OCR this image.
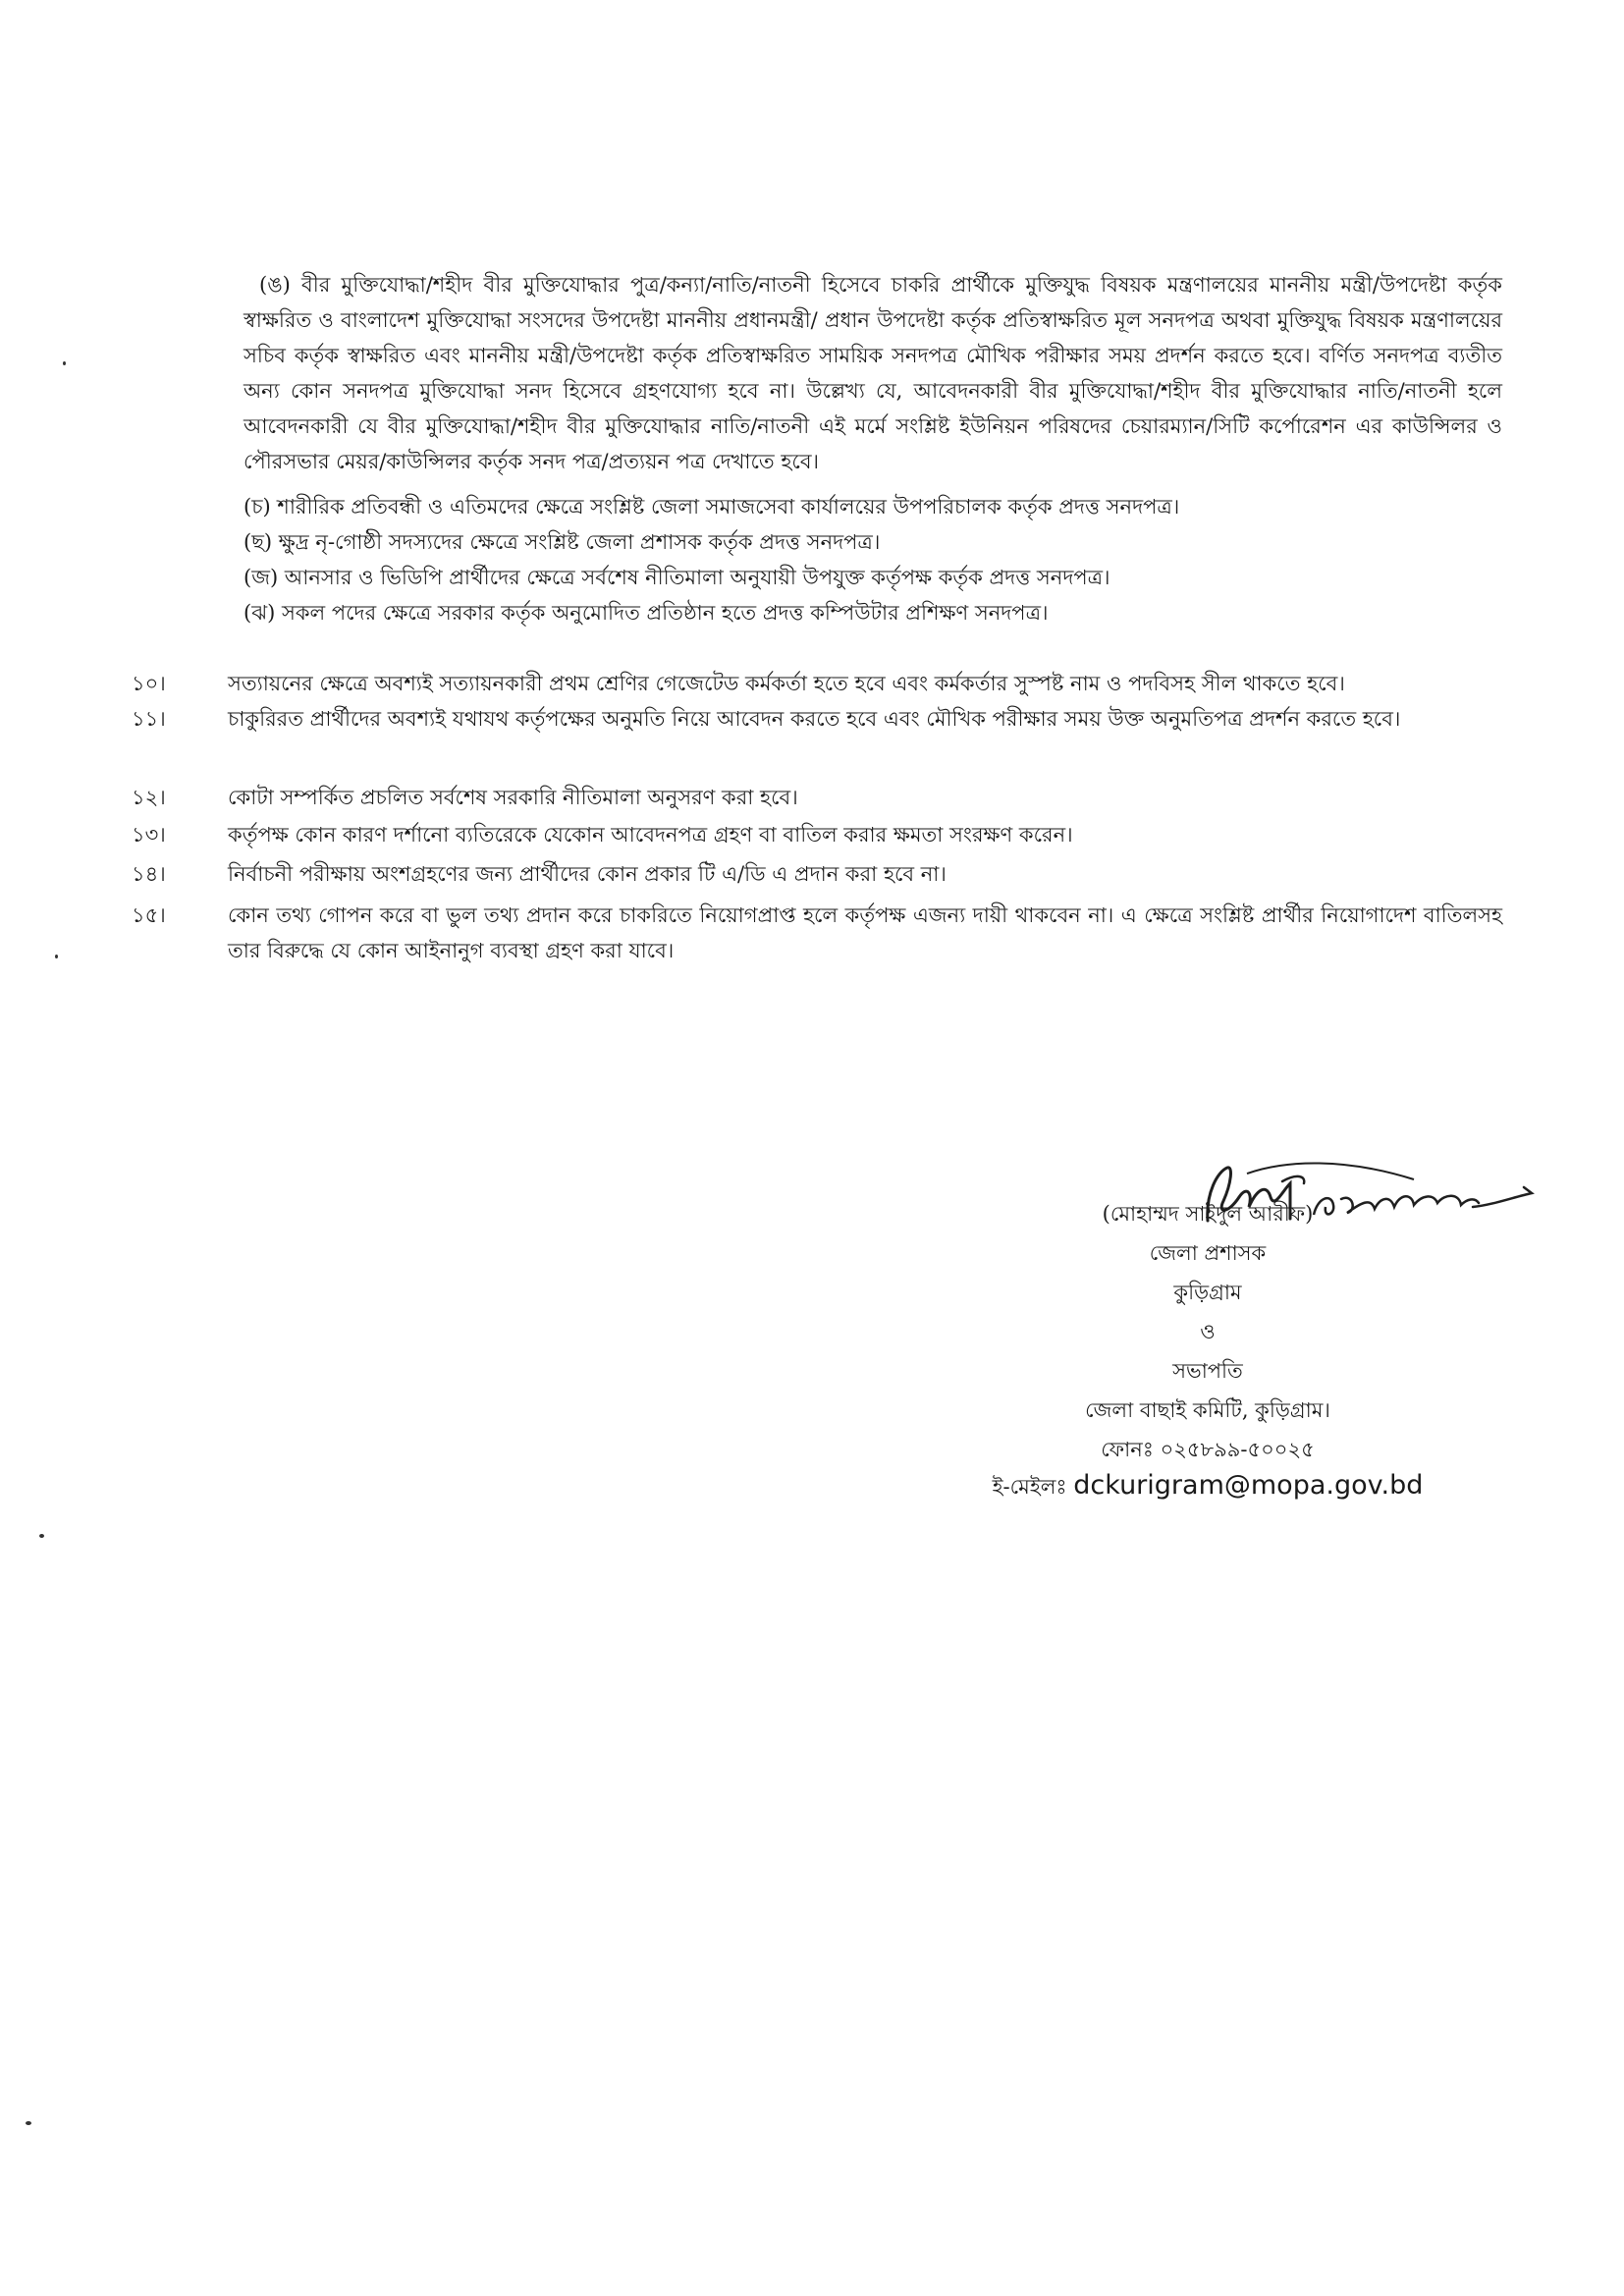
(ঙ) বীর মুক্তিযোদ্ধা/শহীদ বীর মুক্তিযোদ্ধার পুত্র/কন্যা/নাতি/নাতনী হিসেবে চাকরি প্রার্থীকে মুক্তিযুদ্ধ বিষয়ক মন্ত্রণালয়ের মাননীয় মন্ত্রী/উপদেষ্টা কর্তৃক স্বাক্ষরিত ও বাংলাদেশ মুক্তিযোদ্ধা সংসদের উপদেষ্টা মাননীয় প্রধানমন্ত্রী/ প্রধান উপদেষ্টা কর্তৃক প্রতিস্বাক্ষরিত মূল সনদপত্র অথবা মুক্তিযুদ্ধ বিষয়ক মন্ত্রণালয়ের সচিব কর্তৃক স্বাক্ষরিত এবং মাননীয় মন্ত্রী/উপদেষ্টা কর্তৃক প্রতিস্বাক্ষরিত সাময়িক সনদপত্র মৌখিক পরীক্ষার সময় প্রদর্শন করতে হবে। বর্ণিত সনদপত্র ব্যতীত অন্য কোন সনদপত্র মুক্তিযোদ্ধা সনদ হিসেবে গ্রহণযোগ্য হবে না। উল্লেখ্য যে, আবেদনকারী বীর মুক্তিযোদ্ধা/শহীদ বীর মুক্তিযোদ্ধার নাতি/নাতনী হলে আবেদনকারী যে বীর মুক্তিযোদ্ধা/শহীদ বীর মুক্তিযোদ্ধার নাতি/নাতনী এই মর্মে সংশ্লিষ্ট ইউনিয়ন পরিষদের চেয়ারম্যান/সিটি কর্পোরেশন এর কাউন্সিলর ও পৌরসভার মেয়র/কাউন্সিলর কর্তৃক সনদ পত্র/প্রত্যয়ন পত্র দেখাতে হবে।
(চ) শারীরিক প্রতিবন্ধী ও এতিমদের ক্ষেত্রে সংশ্লিষ্ট জেলা সমাজসেবা কার্যালয়ের উপপরিচালক কর্তৃক প্রদত্ত সনদপত্র।
(ছ) ক্ষুদ্র নৃ-গোষ্ঠী সদস্যদের ক্ষেত্রে সংশ্লিষ্ট জেলা প্রশাসক কর্তৃক প্রদত্ত সনদপত্র।
(জ) আনসার ও ভিডিপি প্রার্থীদের ক্ষেত্রে সর্বশেষ নীতিমালা অনুযায়ী উপযুক্ত কর্তৃপক্ষ কর্তৃক প্রদত্ত সনদপত্র।
(ঝ) সকল পদের ক্ষেত্রে সরকার কর্তৃক অনুমোদিত প্রতিষ্ঠান হতে প্রদত্ত কম্পিউটার প্রশিক্ষণ সনদপত্র।
১০।	সত্যায়নের ক্ষেত্রে অবশ্যই সত্যায়নকারী প্রথম শ্রেণির গেজেটেড কর্মকর্তা হতে হবে এবং কর্মকর্তার সুস্পষ্ট নাম ও পদবিসহ সীল থাকতে হবে।
১১।	চাকুরিরত প্রার্থীদের অবশ্যই যথাযথ কর্তৃপক্ষের অনুমতি নিয়ে আবেদন করতে হবে এবং মৌখিক পরীক্ষার সময় উক্ত অনুমতিপত্র প্রদর্শন করতে হবে।
১২।	কোটা সম্পর্কিত প্রচলিত সর্বশেষ সরকারি নীতিমালা অনুসরণ করা হবে।
১৩।	কর্তৃপক্ষ কোন কারণ দর্শানো ব্যতিরেকে যেকোন আবেদনপত্র গ্রহণ বা বাতিল করার ক্ষমতা সংরক্ষণ করেন।
১৪।	নির্বাচনী পরীক্ষায় অংশগ্রহণের জন্য প্রার্থীদের কোন প্রকার টি এ/ডি এ প্রদান করা হবে না।
১৫।	কোন তথ্য গোপন করে বা ভুল তথ্য প্রদান করে চাকরিতে নিয়োগপ্রাপ্ত হলে কর্তৃপক্ষ এজন্য দায়ী থাকবেন না। এ ক্ষেত্রে সংশ্লিষ্ট প্রার্থীর নিয়োগাদেশ বাতিলসহ তার বিরুদ্ধে যে কোন আইনানুগ ব্যবস্থা গ্রহণ করা যাবে।
(মোহাম্মদ সাইদুল আরীফ)
জেলা প্রশাসক
কুড়িগ্রাম
ও
সভাপতি
জেলা বাছাই কমিটি, কুড়িগ্রাম।
ফোনঃ ০২৫৮৯৯-৫০০২৫
ই-মেইলঃ dckurigram@mopa.gov.bd
